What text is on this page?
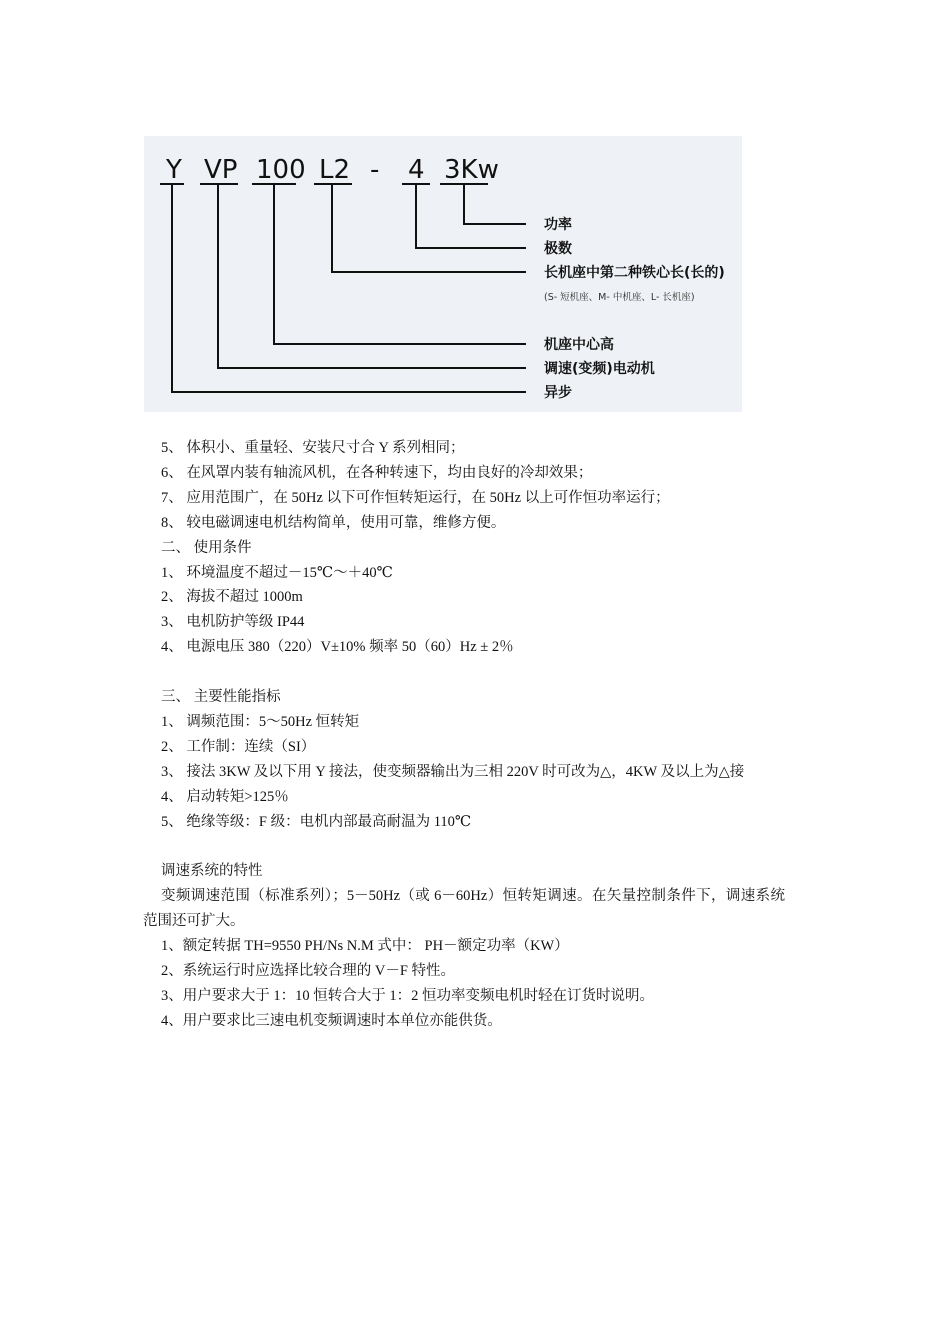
Y VP 100 L2 - 4 3Kw
功率
极数
长机座中第二种铁心长(长的)
(S- 短机座、M- 中机座、L- 长机座)
机座中心高
调速(变频)电动机
异步

5、 体积小、重量轻、安装尺寸合 Y 系列相同；

6、 在风罩内装有轴流风机，在各种转速下，均由良好的冷却效果；

7、 应用范围广，在 50Hz 以下可作恒转矩运行，在 50Hz 以上可作恒功率运行；

8、 较电磁调速电机结构简单，使用可靠，维修方便。

二、 使用条件

1、 环境温度不超过－15℃～＋40℃

2、 海拔不超过 1000m

3、 电机防护等级 IP44

4、 电源电压 380（220）V±10% 频率 50（60）Hz ± 2％

三、 主要性能指标

1、 调频范围：5～50Hz 恒转矩

2、 工作制：连续（SI）

3、 接法 3KW 及以下用 Y 接法，使变频器输出为三相 220V 时可改为△，4KW 及以上为△接

4、 启动转矩>125％

5、 绝缘等级：F 级：电机内部最高耐温为 110℃

调速系统的特性

变频调速范围（标准系列）；5－50Hz（或 6－60Hz）恒转矩调速。在矢量控制条件下，调速系统范围还可扩大。

1、额定转据 TH=9550 PH/Ns N.M 式中： PH－额定功率（KW）

2、系统运行时应选择比较合理的 V－F 特性。

3、用户要求大于 1：10 恒转合大于 1：2 恒功率变频电机时轻在订货时说明。

4、用户要求比三速电机变频调速时本单位亦能供货。
